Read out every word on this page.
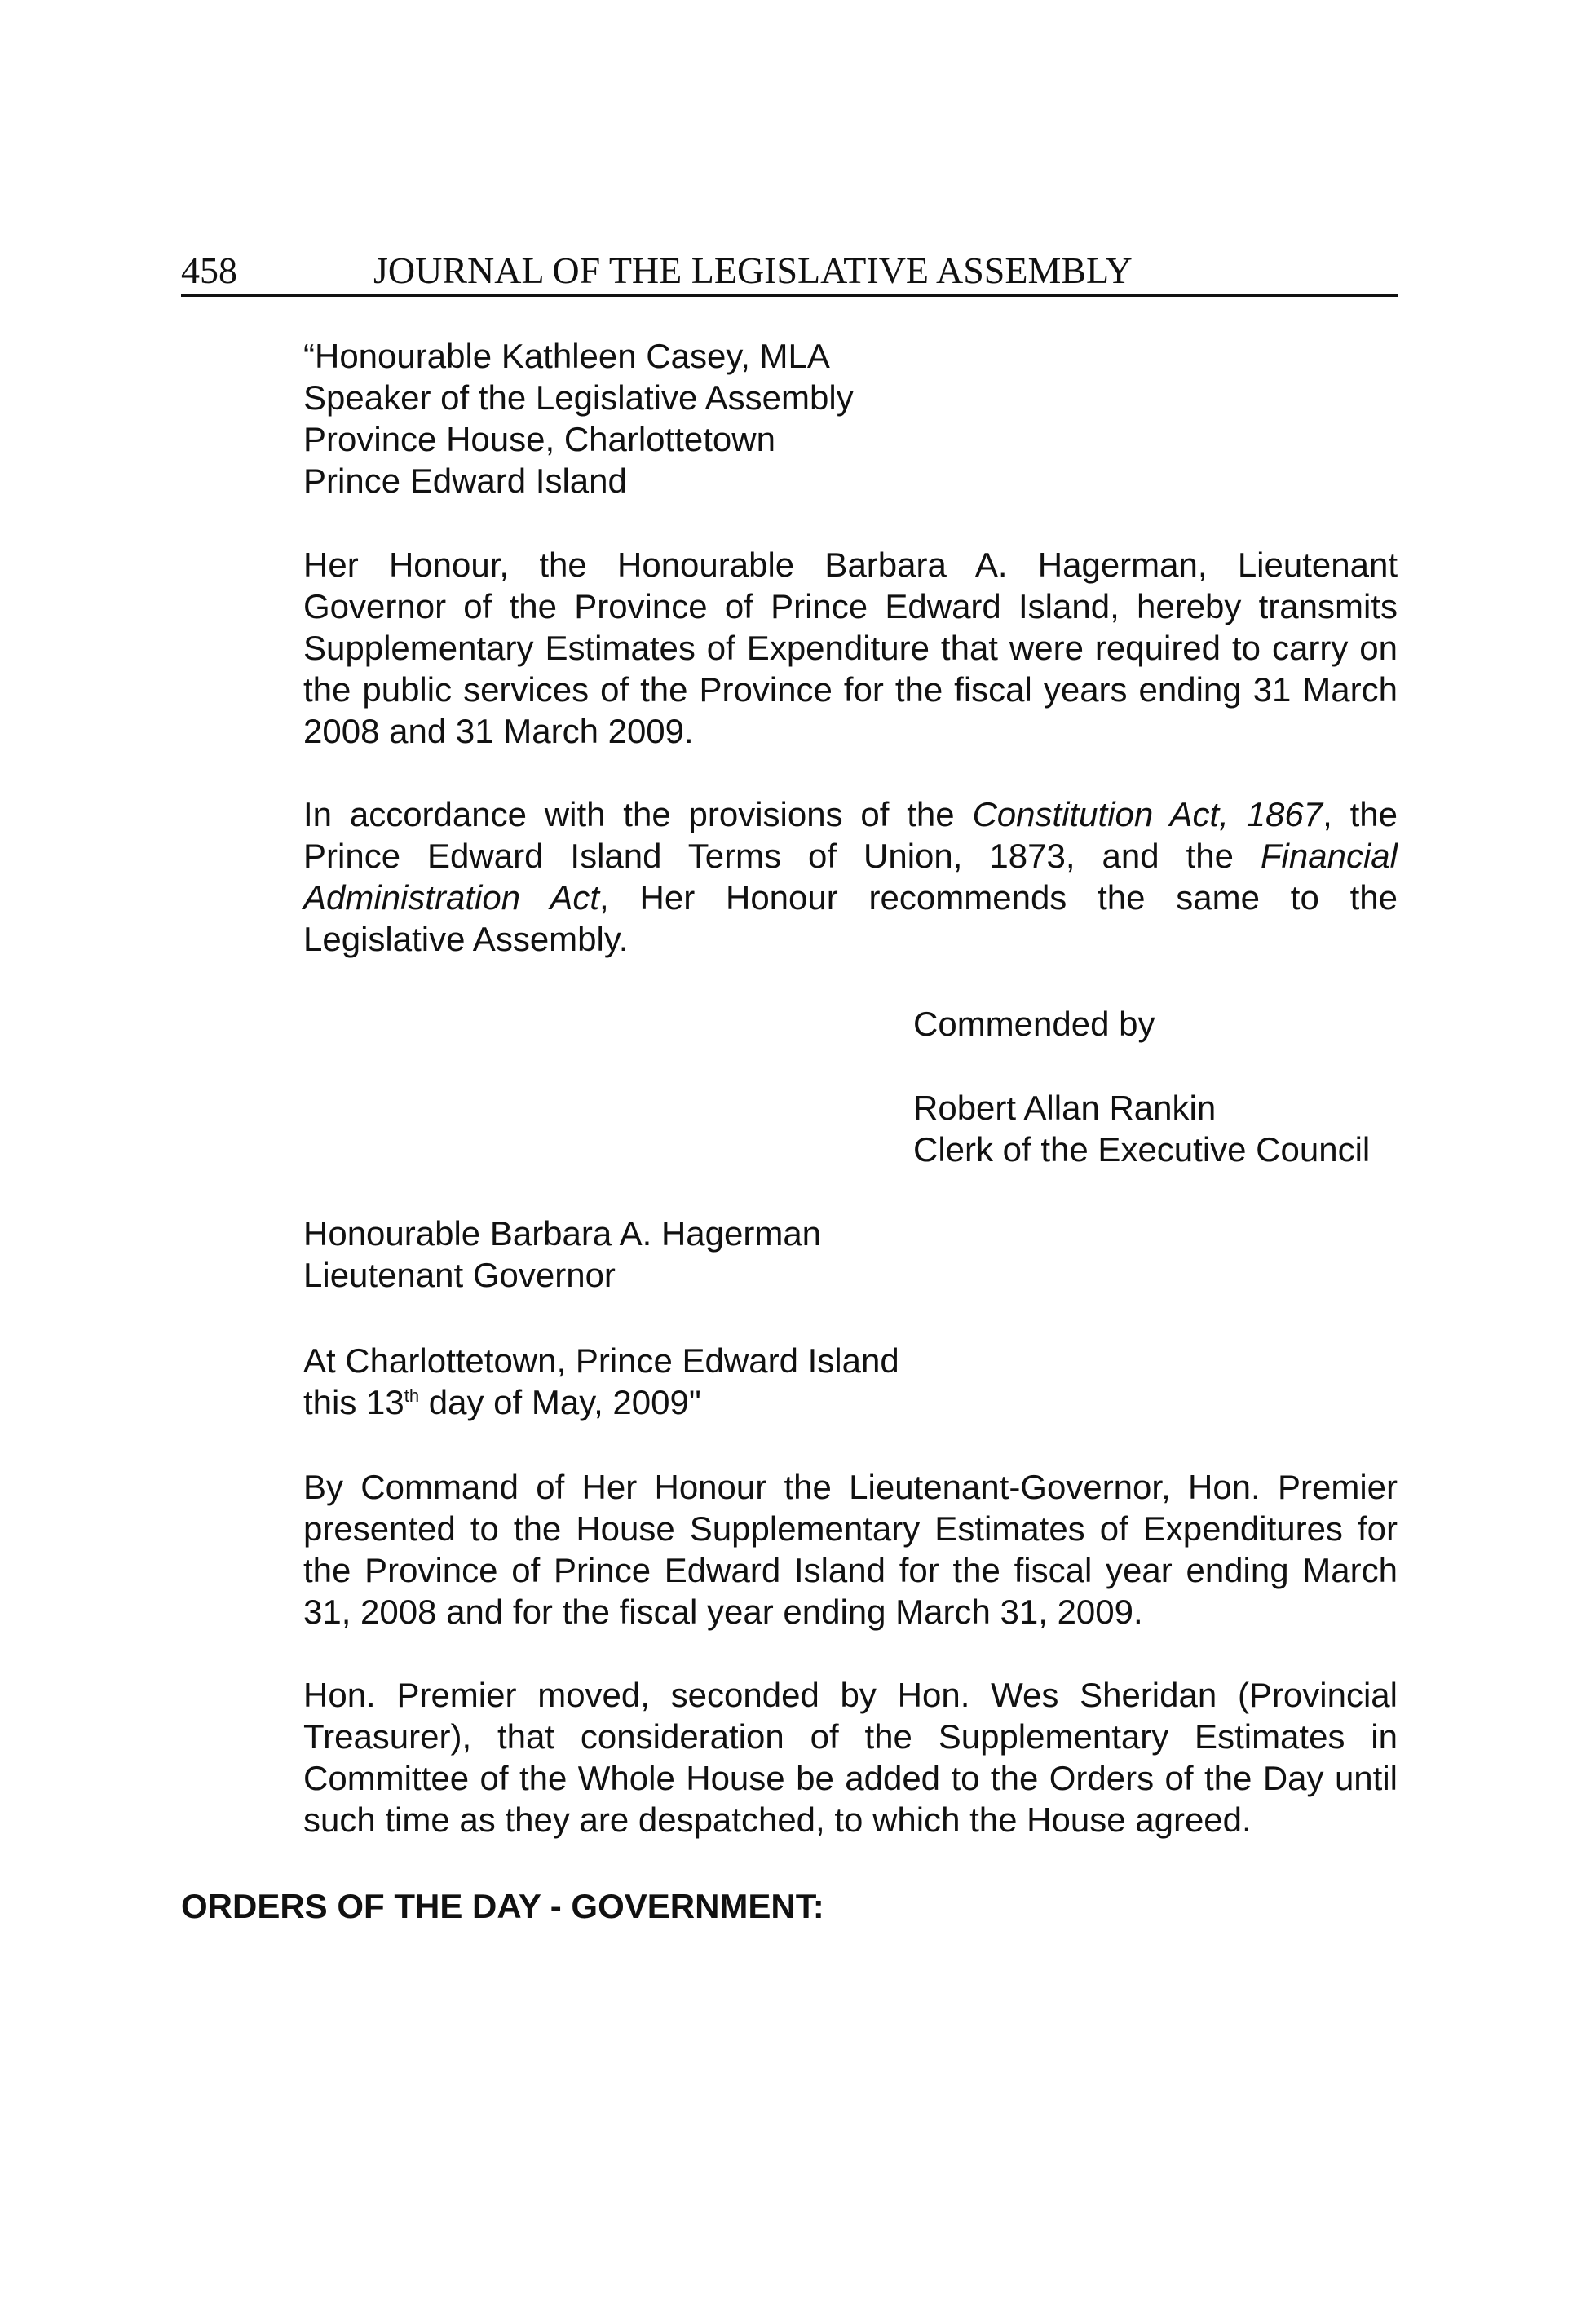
458	JOURNAL OF THE LEGISLATIVE ASSEMBLY
“Honourable Kathleen Casey, MLA
Speaker of the Legislative Assembly
Province House, Charlottetown
Prince Edward Island
Her Honour, the Honourable Barbara A. Hagerman, Lieutenant Governor of the Province of Prince Edward Island, hereby transmits Supplementary Estimates of Expenditure that were required to carry on the public services of the Province for the fiscal years ending 31 March 2008 and 31 March 2009.
In accordance with the provisions of the Constitution Act, 1867, the Prince Edward Island Terms of Union, 1873, and the Financial Administration Act, Her Honour recommends the same to the Legislative Assembly.
Commended by
Robert Allan Rankin
Clerk of the Executive Council
Honourable Barbara A. Hagerman
Lieutenant Governor
At Charlottetown, Prince Edward Island
this 13th day of May, 2009"
By Command of Her Honour the Lieutenant-Governor, Hon. Premier presented to the House Supplementary Estimates of Expenditures for the Province of Prince Edward Island for the fiscal year ending March 31, 2008 and for the fiscal year ending March 31, 2009.
Hon. Premier moved, seconded by Hon. Wes Sheridan (Provincial Treasurer), that consideration of the Supplementary Estimates in Committee of the Whole House be added to the Orders of the Day until such time as they are despatched, to which the House agreed.
ORDERS OF THE DAY - GOVERNMENT:
